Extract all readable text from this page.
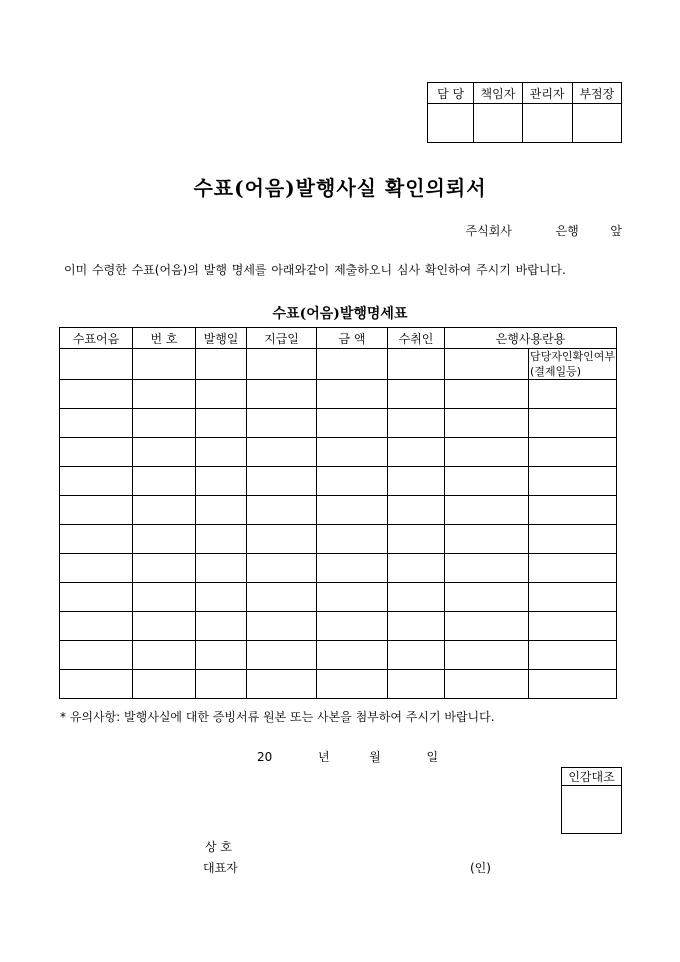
담 당	책임자	관리자	부점장

수표(어음)발행사실 확인의뢰서
주식회사	은행	앞
이미 수령한 수표(어음)의 발행 명세를 아래와같이 제출하오니 심사 확인하여 주시기 바랍니다.
수표(어음)발행명세표
수표어음	번 호	발행일	지급일	금 액	수취인	은행사용란용	
							담당자인확인여부 (결제일등)

* 유의사항: 발행사실에 대한 증빙서류 원본 또는 사본을 첨부하여 주시기 바랍니다.
20	년	월	일
인감대조

상 호
대표자	(인)
